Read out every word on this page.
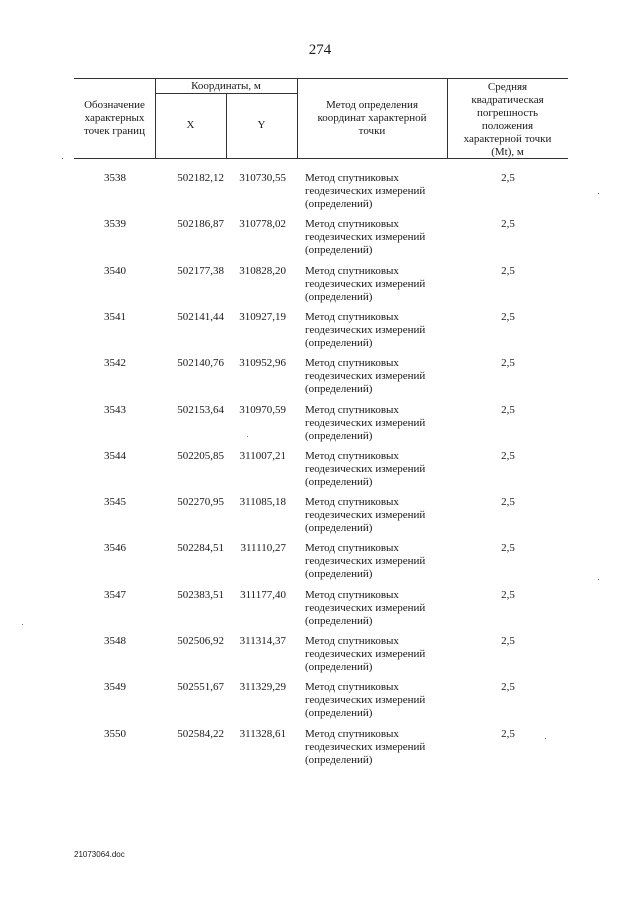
274
Обозначение
характерных
точек границ
Координаты, м
X	Y
Метод определения
координат характерной
точки
Средняя
квадратическая
погрешность
положения
характерной точки
(Mt), м
3538	502182,12	310730,55 Метод спутниковых
геодезических измерений
(определений)
2,5
3539	502186,87	310778,02 Метод спутниковых
геодезических измерений
(определений)
2,5
3540	502177,38	310828,20 Метод спутниковых
геодезических измерений
(определений)
2,5
3541	502141,44	310927,19 Метод спутниковых
геодезических измерений
(определений)
2,5
3542	502140,76	310952,96 Метод спутниковых
геодезических измерений
(определений)
2,5
3543	502153,64	310970,59 Метод спутниковых
геодезических измерений
(определений)
2,5
3544	502205,85	311007,21 Метод спутниковых
геодезических измерений
(определений)
2,5
3545	502270,95	311085,18 Метод спутниковых
геодезических измерений
(определений)
2,5
3546	502284,51	311110,27 Метод спутниковых
геодезических измерений
(определений)
2,5
3547	502383,51	311177,40 Метод спутниковых
геодезических измерений
(определений)
2,5
3548	502506,92	311314,37 Метод спутниковых
геодезических измерений
(определений)
2,5
3549	502551,67	311329,29 Метод спутниковых
геодезических измерений
(определений)
2,5
3550	502584,22	311328,61 Метод спутниковых
геодезических измерений
(определений)
2,5
21073064.doc
